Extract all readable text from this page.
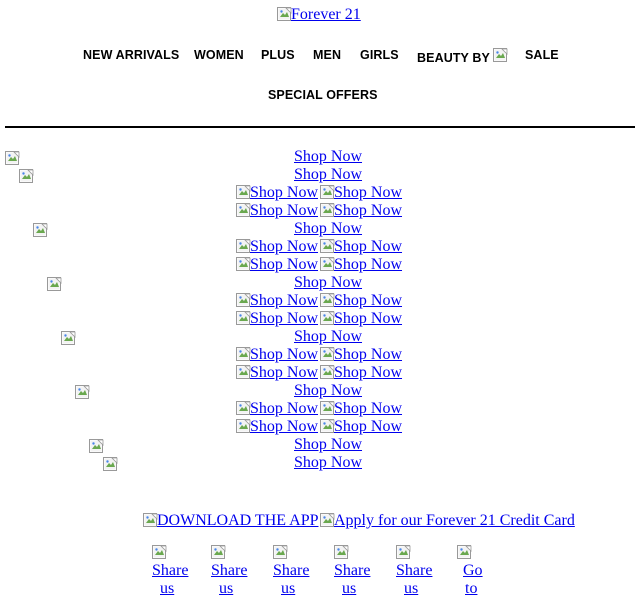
Forever 21
NEW ARRIVALS WOMEN PLUS MEN GIRLS BEAUTY BY	SALE
SPECIAL OFFERS
Shop Now
Shop Now
Shop Now Shop Now
Shop Now Shop Now
Shop Now
Shop Now Shop Now
Shop Now Shop Now
Shop Now
Shop Now Shop Now
Shop Now Shop Now
Shop Now
Shop Now Shop Now
Shop Now Shop Now
Shop Now
Shop Now Shop Now
Shop Now Shop Now
Shop Now
Shop Now
DOWNLOAD THE APP Apply for our Forever 21 Credit Card
Share
us
Share
us
Share
us
Share
us
Share
us
Go
to
